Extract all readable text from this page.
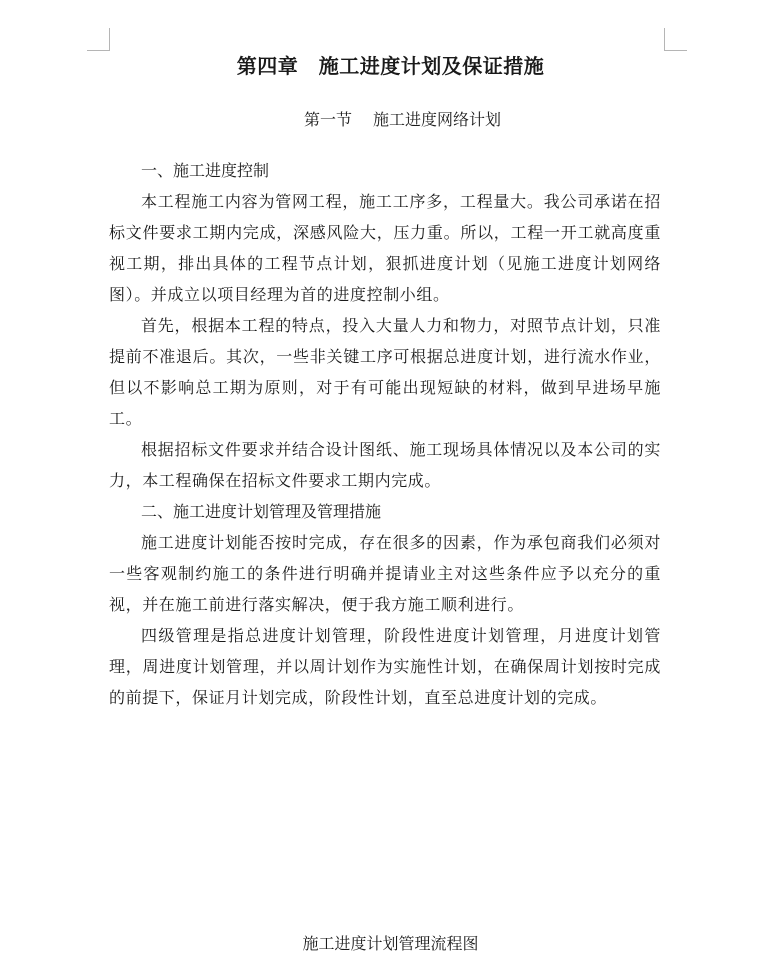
第四章　施工进度计划及保证措施
第一节　 施工进度网络计划

一、施工进度控制

本工程施工内容为管网工程，施工工序多，工程量大。我公司承诺在招标文件要求工期内完成，深感风险大，压力重。所以，工程一开工就高度重视工期，排出具体的工程节点计划，狠抓进度计划（见施工进度计划网络图）。并成立以项目经理为首的进度控制小组。

首先，根据本工程的特点，投入大量人力和物力，对照节点计划，只准提前不准退后。其次，一些非关键工序可根据总进度计划，进行流水作业，但以不影响总工期为原则，对于有可能出现短缺的材料，做到早进场早施工。

根据招标文件要求并结合设计图纸、施工现场具体情况以及本公司的实力，本工程确保在招标文件要求工期内完成。

二、施工进度计划管理及管理措施

施工进度计划能否按时完成，存在很多的因素，作为承包商我们必须对一些客观制约施工的条件进行明确并提请业主对这些条件应予以充分的重视，并在施工前进行落实解决，便于我方施工顺利进行。

四级管理是指总进度计划管理，阶段性进度计划管理，月进度计划管理，周进度计划管理，并以周计划作为实施性计划，在确保周计划按时完成的前提下，保证月计划完成，阶段性计划，直至总进度计划的完成。

施工进度计划管理流程图
